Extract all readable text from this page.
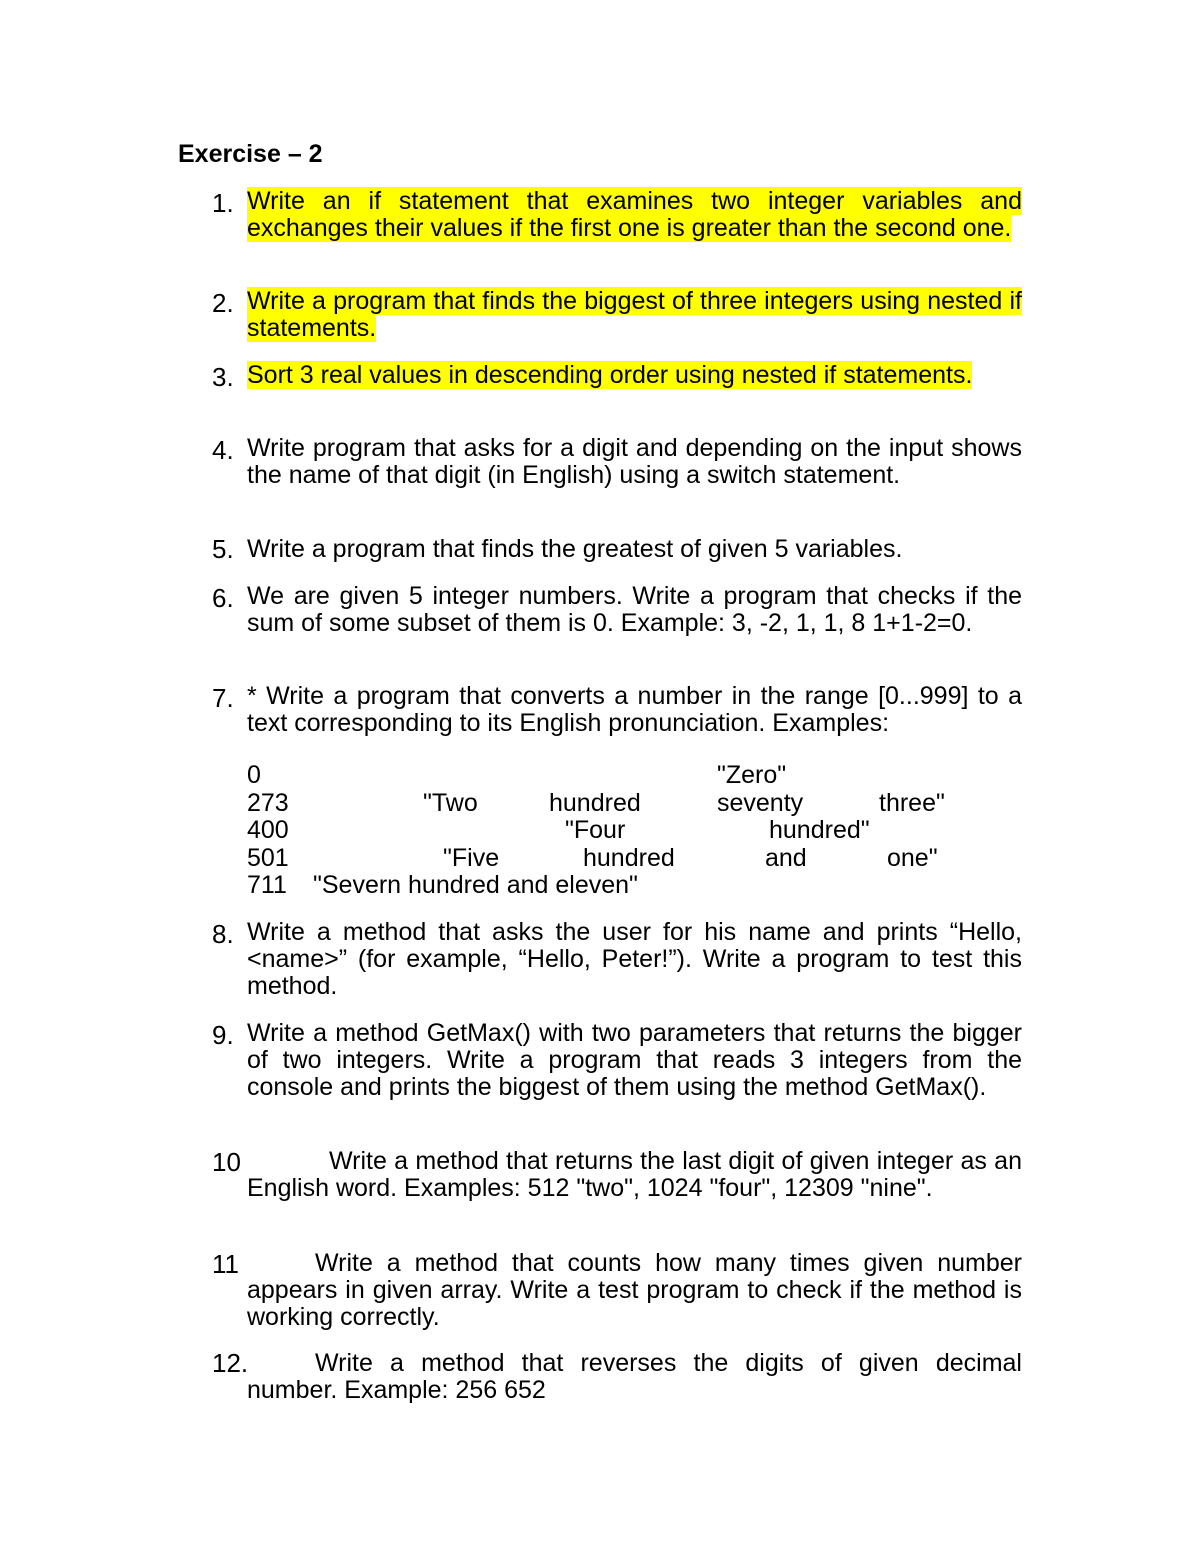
Exercise – 2
1. Write an if statement that examines two integer variables and exchanges their values if the first one is greater than the second one.
2. Write a program that finds the biggest of three integers using nested if statements.
3. Sort 3 real values in descending order using nested if statements.
4. Write program that asks for a digit and depending on the input shows the name of that digit (in English) using a switch statement.
5. Write a program that finds the greatest of given 5 variables.
6. We are given 5 integer numbers. Write a program that checks if the sum of some subset of them is 0. Example: 3, -2, 1, 1, 8 1+1-2=0.
7. * Write a program that converts a number in the range [0...999] to a text corresponding to its English pronunciation. Examples:
0	"Zero"
273	"Two	hundred	seventy	three"
400	"Four	hundred"
501	"Five	hundred	and	one"
711 "Severn hundred and eleven"
8. Write a method that asks the user for his name and prints “Hello, <name>” (for example, “Hello, Peter!”). Write a program to test this method.
9. Write a method GetMax() with two parameters that returns the bigger of two integers. Write a program that reads 3 integers from the console and prints the biggest of them using the method GetMax().
10	Write a method that returns the last digit of given integer as an English word. Examples: 512 "two", 1024 "four", 12309 "nine".
11	Write a method that counts how many times given number appears in given array. Write a test program to check if the method is working correctly.
12.	Write a method that reverses the digits of given decimal number. Example: 256 652
